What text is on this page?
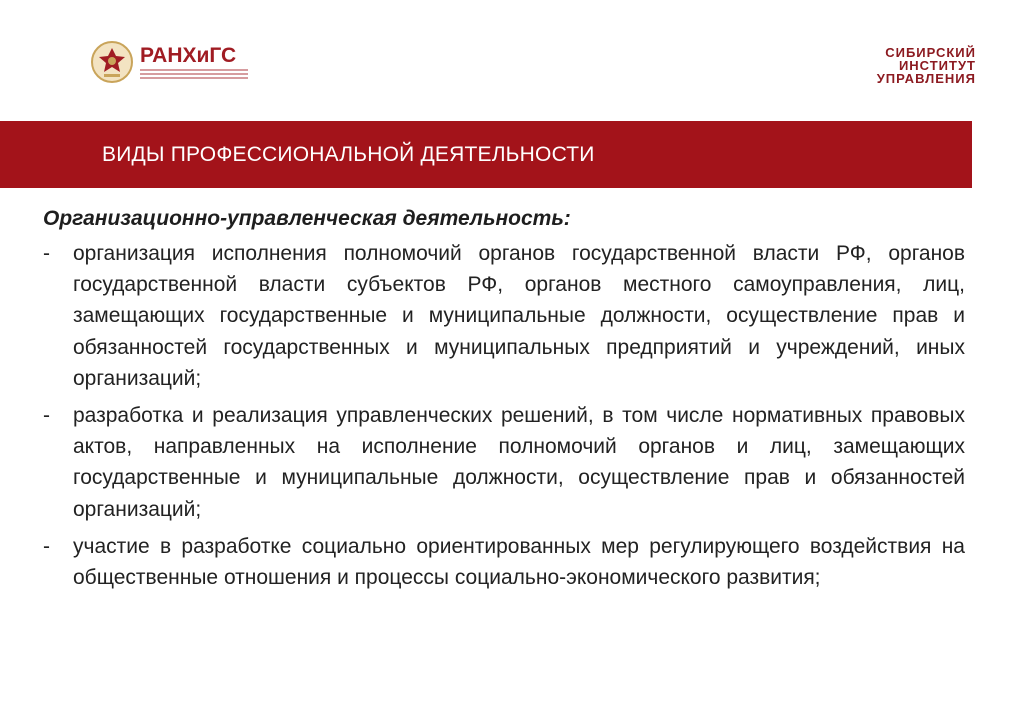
РАНХиГС	СИБИРСКИЙ
ИНСТИТУТ
УПРАВЛЕНИЯ
ВИДЫ ПРОФЕССИОНАЛЬНОЙ ДЕЯТЕЛЬНОСТИ
Организационно-управленческая деятельность:
-	организация исполнения полномочий органов государственной власти РФ, органов государственной власти субъектов РФ, органов местного самоуправления, лиц, замещающих государственные и муниципальные должности, осуществление прав и обязанностей государственных и муниципальных предприятий и учреждений, иных организаций;
-	разработка и реализация управленческих решений, в том числе нормативных правовых актов, направленных на исполнение полномочий органов и лиц, замещающих государственные и муниципальные должности, осуществление прав и обязанностей организаций;
-	участие в разработке социально ориентированных мер регулирующего воздействия на общественные отношения и процессы социально-экономического развития;
